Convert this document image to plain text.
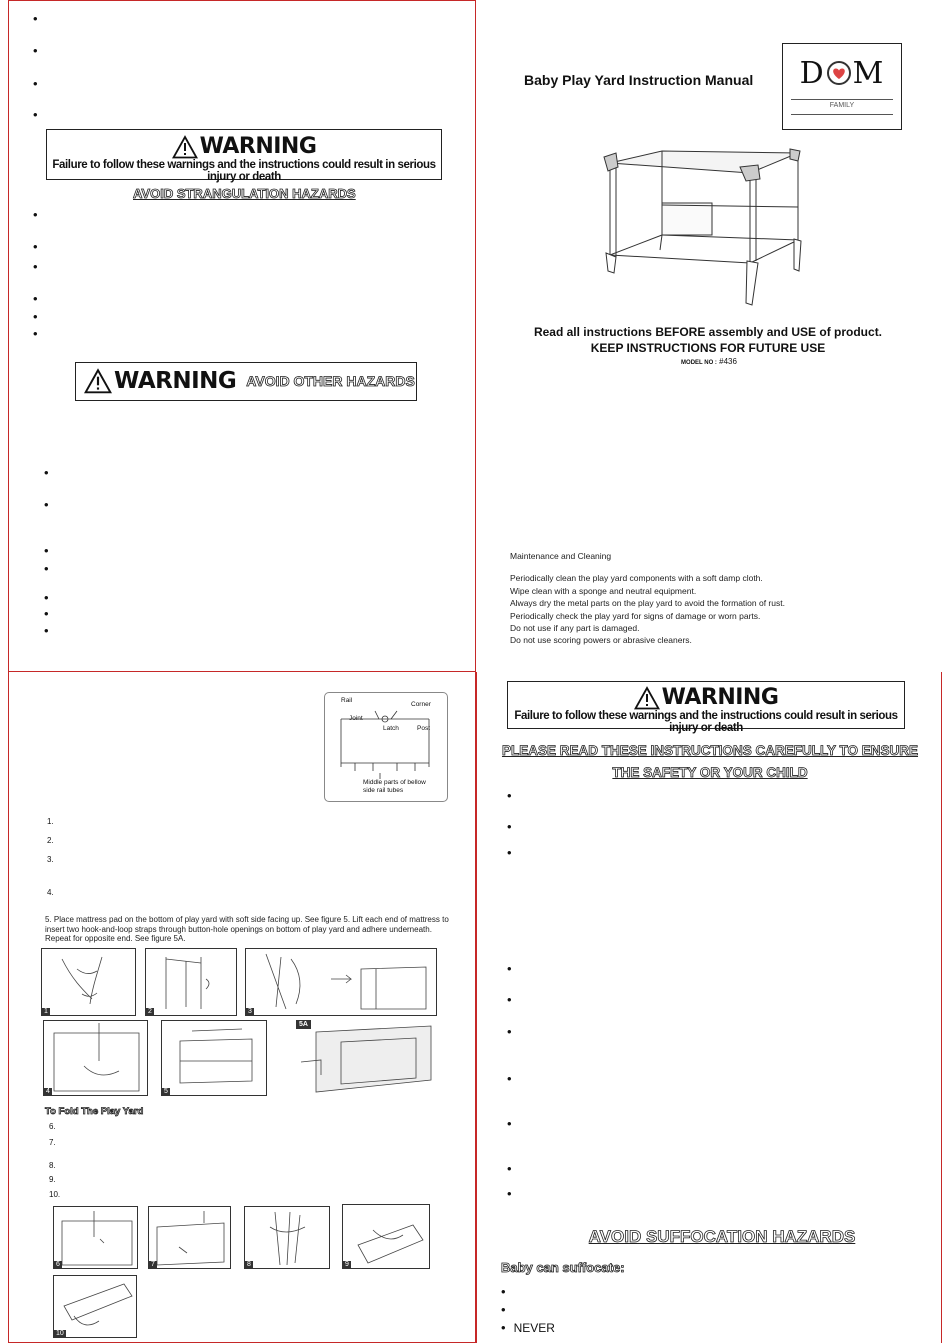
•
•
•
•
WARNING
Failure to follow these warnings and the instructions could result in serious injury or death
AVOID STRANGULATION HAZARDS
•
•
•
•
•
•
WARNING AVOID OTHER HAZARDS
•
•
•
•
•
•
•
Baby Play Yard Instruction Manual	D M
FAMILY
Read all instructions BEFORE assembly and USE of product. KEEP INSTRUCTIONS FOR FUTURE USE
MODEL NO : #436
Maintenance and Cleaning
Periodically clean the play yard components with a soft damp cloth.
Wipe clean with a sponge and neutral equipment.
Always dry the metal parts on the play yard to avoid the formation of rust.
Periodically check the play yard for signs of damage or worn parts.
Do not use if any part is damaged.
Do not use scoring powers or abrasive cleaners.
Rail
Corner
Joint
Latch	Post
Middle parts of bellow side rail tubes
1.
2.
3.
4.
5. Place mattress pad on the bottom of play yard with soft side facing up. See figure 5. Lift each end of mattress to insert two hook-and-loop straps through button-hole openings on bottom of play yard and adhere underneath. Repeat for opposite end. See figure 5A.
1	2	3
4	5
5A
To Fold The Play Yard
6.
7.
8.
9.
10.
6	7	8	9
10
WARNING
Failure to follow these warnings and the instructions could result in serious injury or death
PLEASE READ THESE INSTRUCTIONS CAREFULLY TO ENSURE
THE SAFETY OR YOUR CHILD
•
•
•
•
•
•
•
•
•
•
AVOID SUFFOCATION HAZARDS
Baby can suffocate:
•
•
• NEVER
